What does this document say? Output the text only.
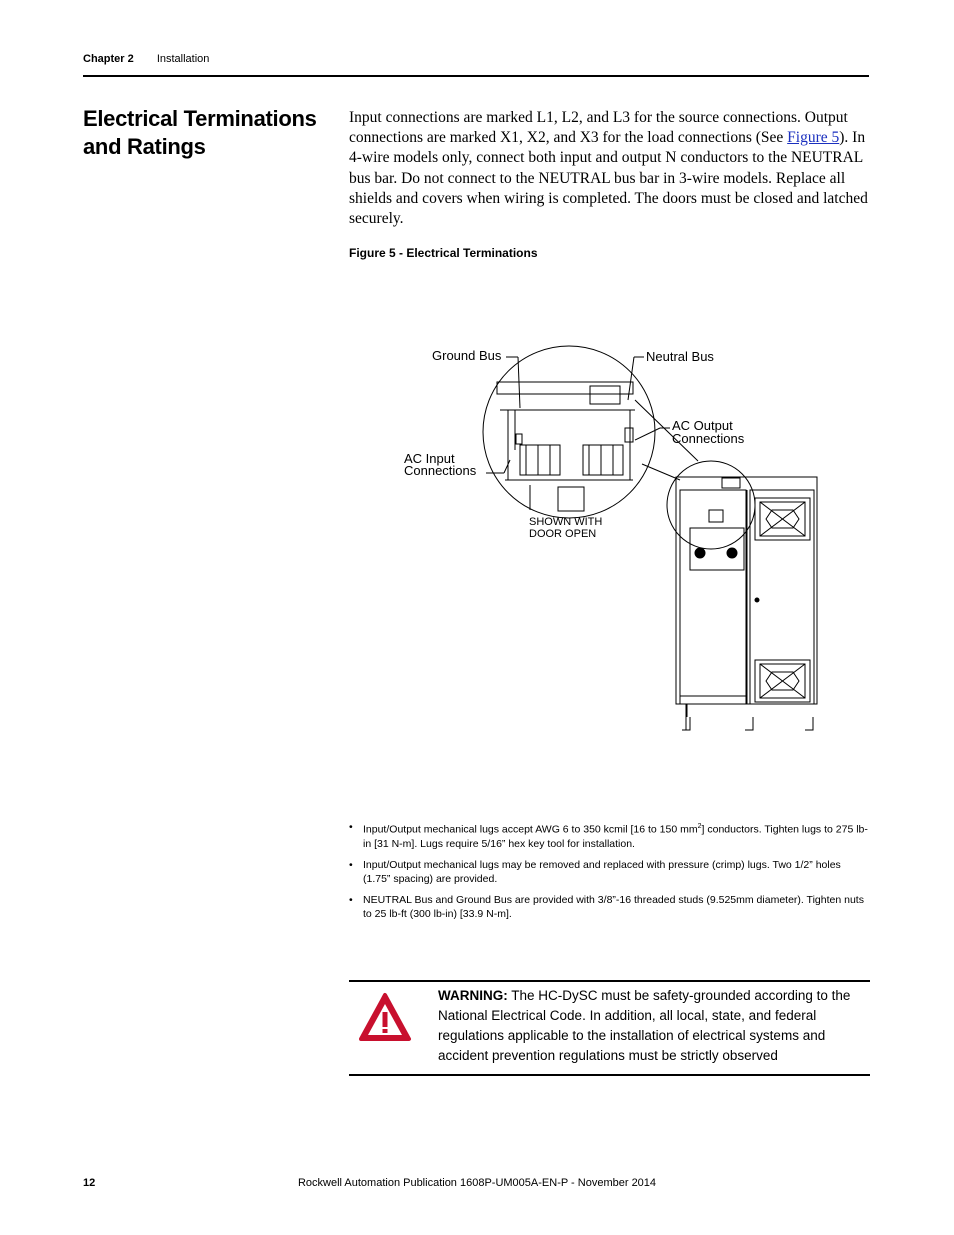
Chapter 2 Installation
Electrical Terminations and Ratings
Input connections are marked L1, L2, and L3 for the source connections. Output connections are marked X1, X2, and X3 for the load connections (See Figure 5). In 4-wire models only, connect both input and output N conductors to the NEUTRAL bus bar. Do not connect to the NEUTRAL bus bar in 3-wire models. Replace all shields and covers when wiring is completed. The doors must be closed and latched securely.
Figure 5 - Electrical Terminations
Ground Bus	Neutral Bus
AC Input
Connections
AC Output
Connections
SHOWN WITH
DOOR OPEN
• Input/Output mechanical lugs accept AWG 6 to 350 kcmil [16 to 150 $mm^2$] conductors. Tighten lugs to 275 lb-in [31 N-m]. Lugs require 5/16” hex key tool for installation.
• Input/Output mechanical lugs may be removed and replaced with pressure (crimp) lugs. Two 1/2” holes (1.75” spacing) are provided.
• NEUTRAL Bus and Ground Bus are provided with 3/8”-16 threaded studs (9.525mm diameter). Tighten nuts to 25 lb-ft (300 lb-in) [33.9 N-m].
WARNING: The HC-DySC must be safety-grounded according to the National Electrical Code. In addition, all local, state, and federal regulations applicable to the installation of electrical systems and accident prevention regulations must be strictly observed
Rockwell Automation Publication 1608P-UM005A-EN-P - November 2014
12
